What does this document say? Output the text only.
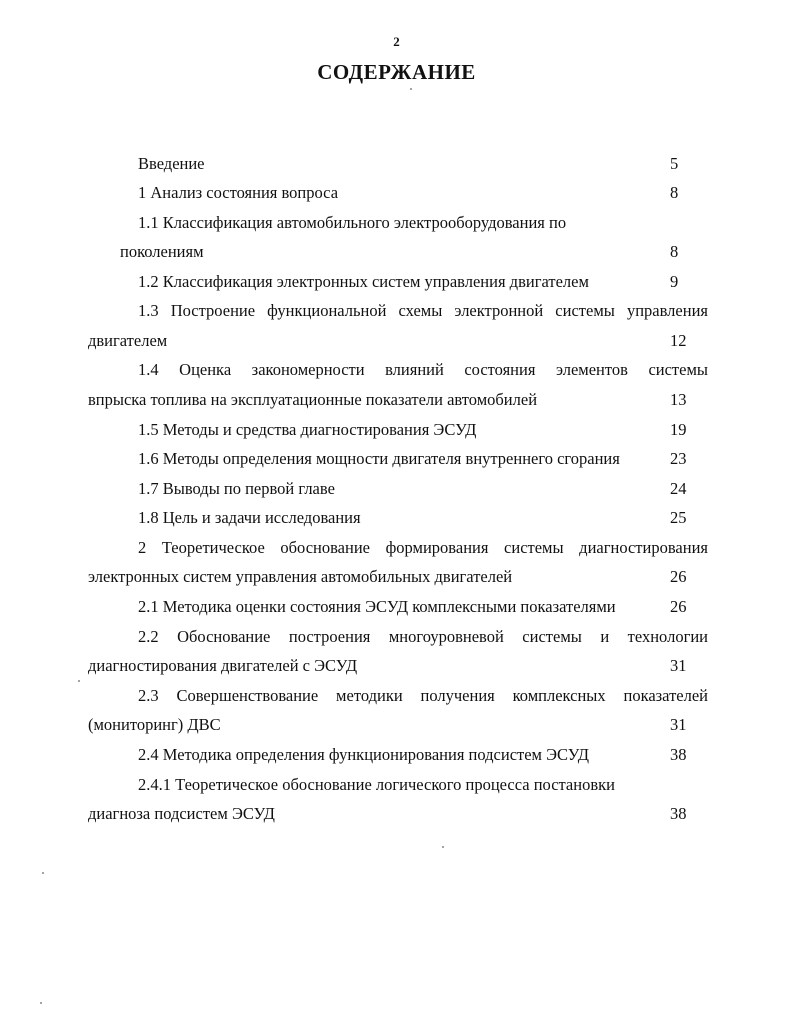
2
СОДЕРЖАНИЕ
Введение	5
1 Анализ состояния вопроса	8
1.1 Классификация автомобильного электрооборудования по
поколениям	8
1.2 Классификация электронных систем управления двигателем	9
1.3 Построение функциональной схемы электронной системы управления
двигателем	12
1.4 Оценка закономерности влияний состояния элементов системы
впрыска топлива на эксплуатационные показатели автомобилей	13
1.5 Методы и средства диагностирования ЭСУД	19
1.6 Методы определения мощности двигателя внутреннего сгорания	23
1.7 Выводы по первой главе	24
1.8 Цель и задачи исследования	25
2 Теоретическое обоснование формирования системы диагностирования
электронных систем управления автомобильных двигателей	26
2.1 Методика оценки состояния ЭСУД комплексными показателями	26
2.2 Обоснование построения многоуровневой системы и технологии
диагностирования двигателей с ЭСУД	31
2.3 Совершенствование методики получения комплексных показателей
(мониторинг) ДВС	31
2.4 Методика определения функционирования подсистем ЭСУД	38
2.4.1 Теоретическое обоснование логического процесса постановки
диагноза подсистем ЭСУД	38
